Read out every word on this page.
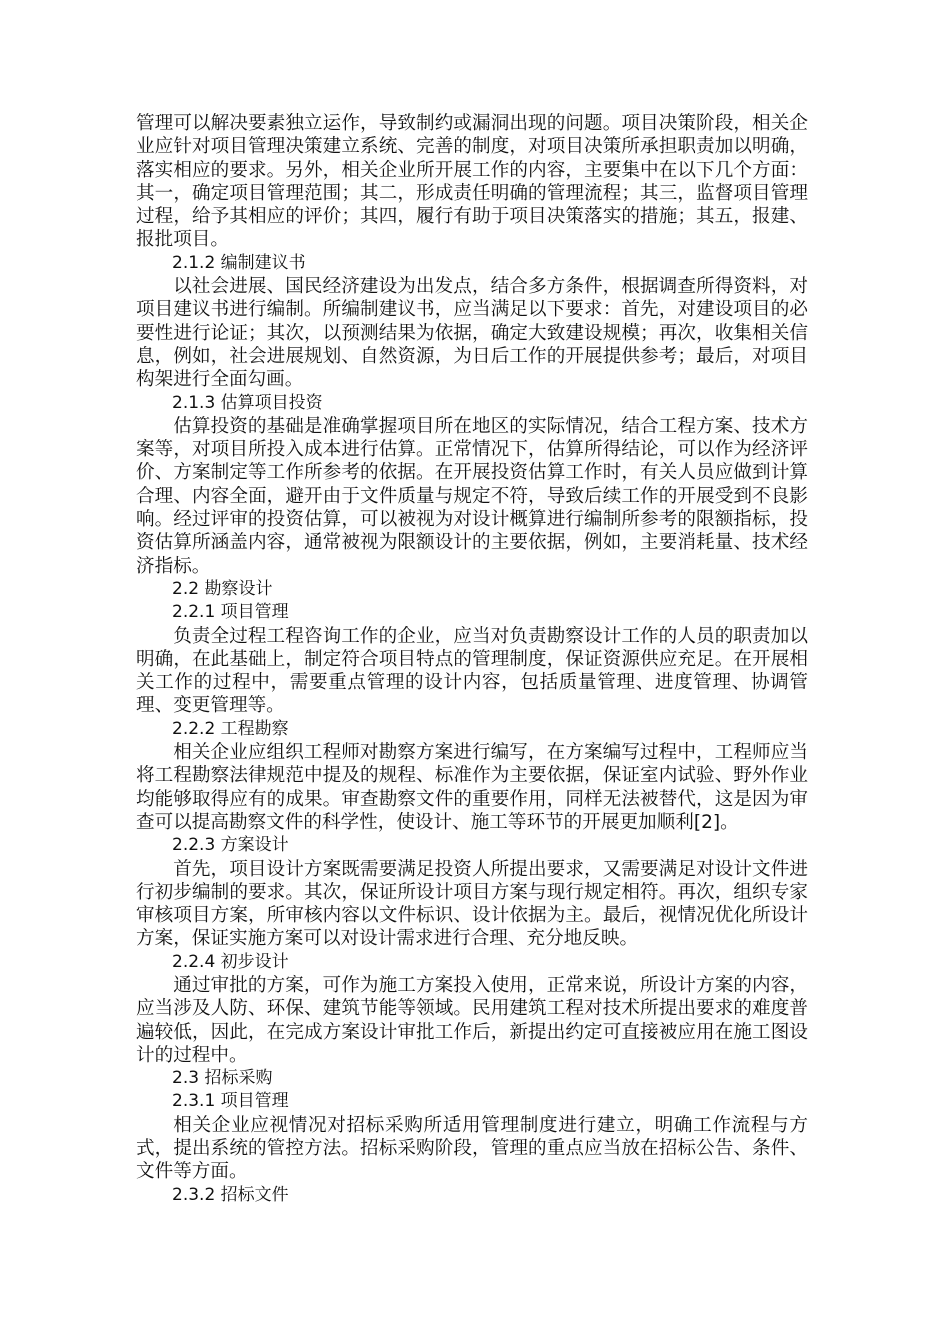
管理可以解决要素独立运作，导致制约或漏洞出现的问题。项目决策阶段，相关企业应针对项目管理决策建立系统、完善的制度，对项目决策所承担职责加以明确，落实相应的要求。另外，相关企业所开展工作的内容，主要集中在以下几个方面：其一，确定项目管理范围；其二，形成责任明确的管理流程；其三，监督项目管理过程，给予其相应的评价；其四，履行有助于项目决策落实的措施；其五，报建、报批项目。

2.1.2 编制建议书

以社会进展、国民经济建设为出发点，结合多方条件，根据调查所得资料，对项目建议书进行编制。所编制建议书，应当满足以下要求：首先，对建设项目的必要性进行论证；其次，以预测结果为依据，确定大致建设规模；再次，收集相关信息，例如，社会进展规划、自然资源，为日后工作的开展提供参考；最后，对项目构架进行全面勾画。

2.1.3 估算项目投资

估算投资的基础是准确掌握项目所在地区的实际情况，结合工程方案、技术方案等，对项目所投入成本进行估算。正常情况下，估算所得结论，可以作为经济评价、方案制定等工作所参考的依据。在开展投资估算工作时，有关人员应做到计算合理、内容全面，避开由于文件质量与规定不符，导致后续工作的开展受到不良影响。经过评审的投资估算，可以被视为对设计概算进行编制所参考的限额指标，投资估算所涵盖内容，通常被视为限额设计的主要依据，例如，主要消耗量、技术经济指标。

2.2 勘察设计
2.2.1 项目管理

负责全过程工程咨询工作的企业，应当对负责勘察设计工作的人员的职责加以明确，在此基础上，制定符合项目特点的管理制度，保证资源供应充足。在开展相关工作的过程中，需要重点管理的设计内容，包括质量管理、进度管理、协调管理、变更管理等。

2.2.2 工程勘察

相关企业应组织工程师对勘察方案进行编写，在方案编写过程中，工程师应当将工程勘察法律规范中提及的规程、标准作为主要依据，保证室内试验、野外作业均能够取得应有的成果。审查勘察文件的重要作用，同样无法被替代，这是因为审查可以提高勘察文件的科学性，使设计、施工等环节的开展更加顺利[2]。

2.2.3 方案设计

首先，项目设计方案既需要满足投资人所提出要求，又需要满足对设计文件进行初步编制的要求。其次，保证所设计项目方案与现行规定相符。再次，组织专家审核项目方案，所审核内容以文件标识、设计依据为主。最后，视情况优化所设计方案，保证实施方案可以对设计需求进行合理、充分地反映。

2.2.4 初步设计

通过审批的方案，可作为施工方案投入使用，正常来说，所设计方案的内容，应当涉及人防、环保、建筑节能等领域。民用建筑工程对技术所提出要求的难度普遍较低，因此，在完成方案设计审批工作后，新提出约定可直接被应用在施工图设计的过程中。

2.3 招标采购
2.3.1 项目管理

相关企业应视情况对招标采购所适用管理制度进行建立，明确工作流程与方式，提出系统的管控方法。招标采购阶段，管理的重点应当放在招标公告、条件、文件等方面。

2.3.2 招标文件
